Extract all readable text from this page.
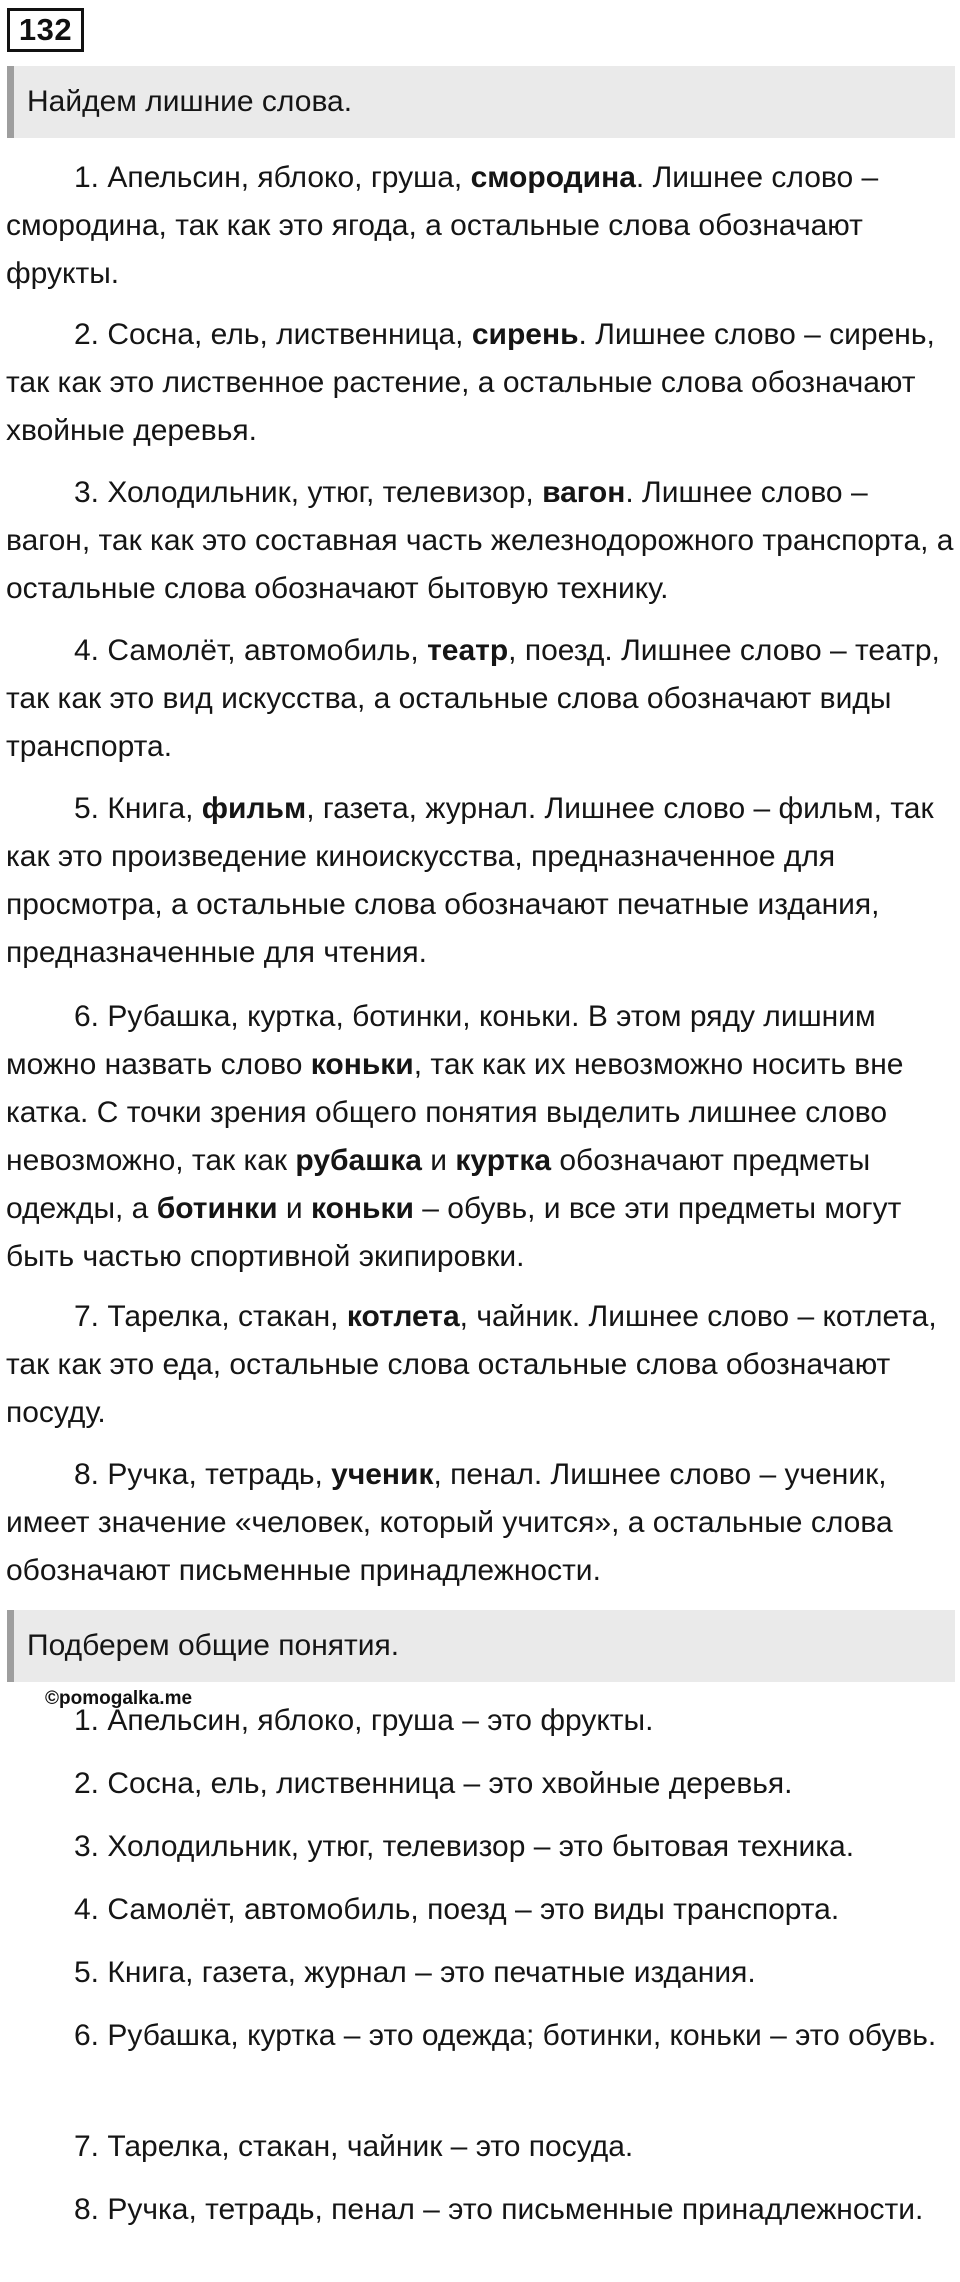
132
Найдем лишние слова.
1. Апельсин, яблоко, груша, смородина. Лишнее слово – смородина, так как это ягода, а остальные слова обозначают фрукты.
2. Сосна, ель, лиственница, сирень. Лишнее слово – сирень, так как это лиственное растение, а остальные слова обозначают хвойные деревья.
3. Холодильник, утюг, телевизор, вагон. Лишнее слово – вагон, так как это составная часть железнодорожного транспорта, а остальные слова обозначают бытовую технику.
4. Самолёт, автомобиль, театр, поезд. Лишнее слово – театр, так как это вид искусства, а остальные слова обозначают виды транспорта.
5. Книга, фильм, газета, журнал. Лишнее слово – фильм, так как это произведение киноискусства, предназначенное для просмотра, а остальные слова обозначают печатные издания, предназначенные для чтения.
6. Рубашка, куртка, ботинки, коньки. В этом ряду лишним можно назвать слово коньки, так как их невозможно носить вне катка. С точки зрения общего понятия выделить лишнее слово невозможно, так как рубашка и куртка обозначают предметы одежды, а ботинки и коньки – обувь, и все эти предметы могут быть частью спортивной экипировки.
7. Тарелка, стакан, котлета, чайник. Лишнее слово – котлета, так как это еда, остальные слова остальные слова обозначают посуду.
8. Ручка, тетрадь, ученик, пенал. Лишнее слово – ученик, имеет значение «человек, который учится», а остальные слова обозначают письменные принадлежности.
Подберем общие понятия.
©pomogalka.me
1. Апельсин, яблоко, груша – это фрукты.
2. Сосна, ель, лиственница – это хвойные деревья.
3. Холодильник, утюг, телевизор – это бытовая техника.
4. Самолёт, автомобиль, поезд – это виды транспорта.
5. Книга, газета, журнал – это печатные издания.
6. Рубашка, куртка – это одежда; ботинки, коньки – это обувь.
7. Тарелка, стакан, чайник – это посуда.
8. Ручка, тетрадь, пенал – это письменные принадлежности.
